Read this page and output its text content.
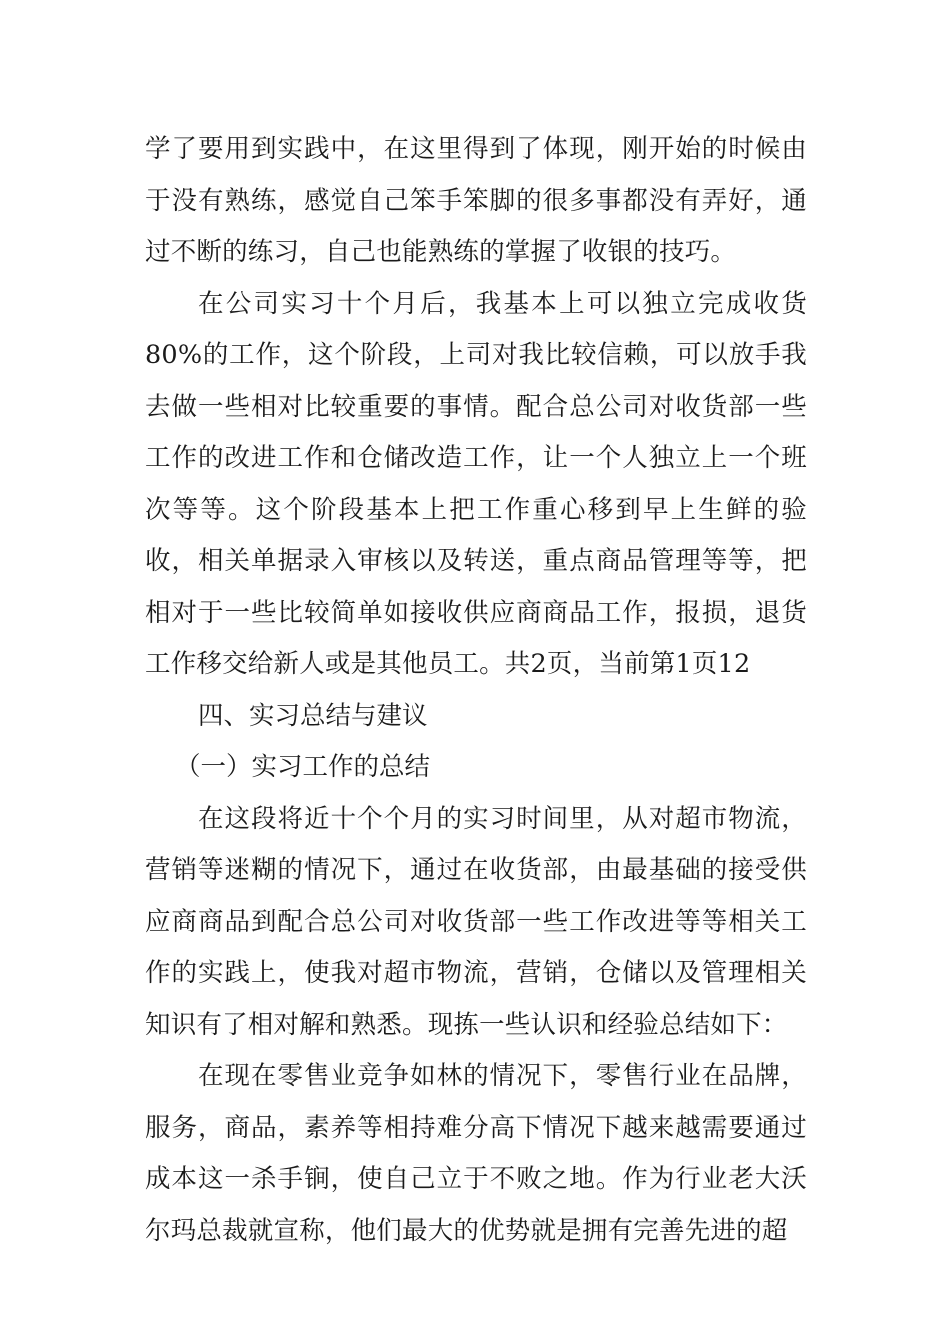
学了要用到实践中，在这里得到了体现，刚开始的时候由于没有熟练，感觉自己笨手笨脚的很多事都没有弄好，通过不断的练习，自己也能熟练的掌握了收银的技巧。

在公司实习十个月后，我基本上可以独立完成收货80%的工作，这个阶段，上司对我比较信赖，可以放手我去做一些相对比较重要的事情。配合总公司对收货部一些工作的改进工作和仓储改造工作，让一个人独立上一个班次等等。这个阶段基本上把工作重心移到早上生鲜的验收，相关单据录入审核以及转送，重点商品管理等等，把相对于一些比较简单如接收供应商商品工作，报损，退货工作移交给新人或是其他员工。共2页，当前第1页12

四、实习总结与建议

（一）实习工作的总结

在这段将近十个个月的实习时间里，从对超市物流，营销等迷糊的情况下，通过在收货部，由最基础的接受供应商商品到配合总公司对收货部一些工作改进等等相关工作的实践上，使我对超市物流，营销，仓储以及管理相关知识有了相对解和熟悉。现拣一些认识和经验总结如下：

在现在零售业竞争如林的情况下，零售行业在品牌，服务，商品，素养等相持难分高下情况下越来越需要通过成本这一杀手锏，使自己立于不败之地。作为行业老大沃尔玛总裁就宣称，他们最大的优势就是拥有完善先进的超
